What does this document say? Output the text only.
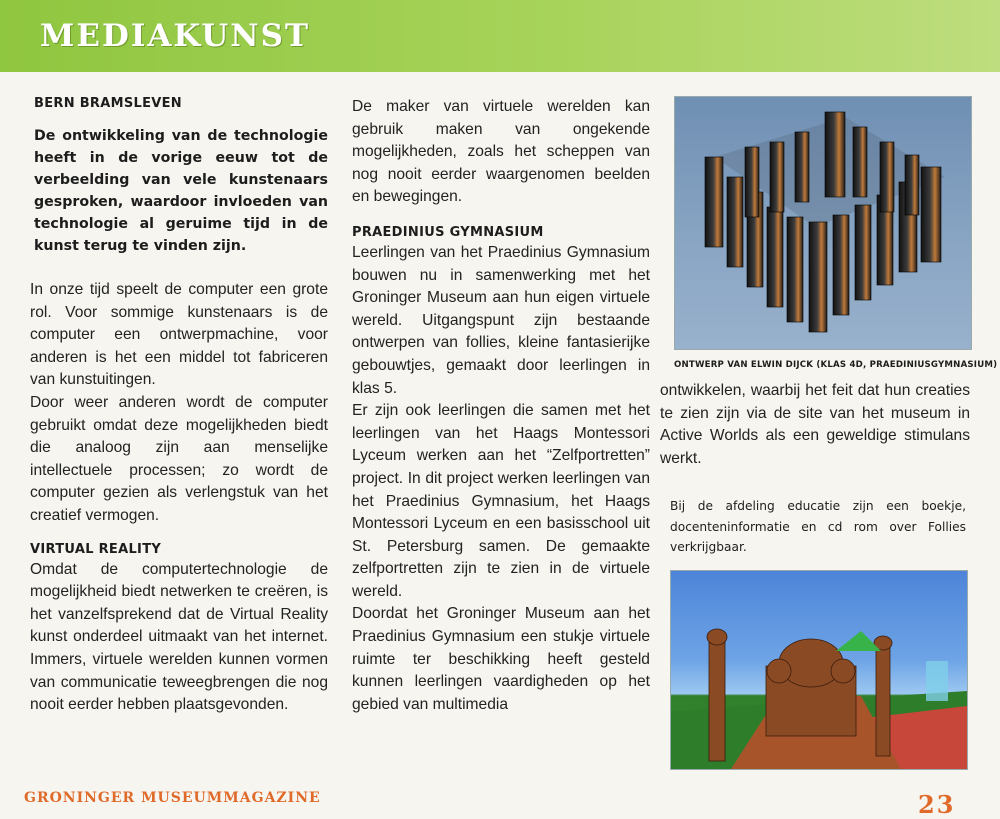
MEDIAKUNST
BERN BRAMSLEVEN

De ontwikkeling van de technologie heeft in de vorige eeuw tot de verbeelding van vele kunstenaars gesproken, waardoor invloeden van technologie al geruime tijd in de kunst terug te vinden zijn.

In onze tijd speelt de computer een grote rol. Voor sommige kunstenaars is de computer een ontwerpmachine, voor anderen is het een middel tot fabriceren van kunstuitingen.

Door weer anderen wordt de computer gebruikt omdat deze mogelijkheden biedt die analoog zijn aan menselijke intellectuele processen; zo wordt de computer gezien als verlengstuk van het creatief vermogen.

VIRTUAL REALITY

Omdat de computertechnologie de mogelijkheid biedt netwerken te creëren, is het vanzelfsprekend dat de Virtual Reality kunst onderdeel uitmaakt van het internet. Immers, virtuele werelden kunnen vormen van communicatie teweegbrengen die nog nooit eerder hebben plaatsgevonden.

De maker van virtuele werelden kan gebruik maken van ongekende mogelijkheden, zoals het scheppen van nog nooit eerder waargenomen beelden en bewegingen.

PRAEDINIUS GYMNASIUM

Leerlingen van het Praedinius Gymnasium bouwen nu in samenwerking met het Groninger Museum aan hun eigen virtuele wereld. Uitgangspunt zijn bestaande ontwerpen van follies, kleine fantasierijke gebouwtjes, gemaakt door leerlingen in klas 5.

Er zijn ook leerlingen die samen met het leerlingen van het Haags Montessori Lyceum werken aan het “Zelfportretten” project. In dit project werken leerlingen van het Praedinius Gymnasium, het Haags Montessori Lyceum en een basisschool uit St. Petersburg samen. De gemaakte zelfportretten zijn te zien in de virtuele wereld.

Doordat het Groninger Museum aan het Praedinius Gymnasium een stukje virtuele ruimte ter beschikking heeft gesteld kunnen leerlingen vaardigheden op het gebied van multimedia

ONTWERP VAN ELWIN DIJCK (KLAS 4D, PRAEDINIUSGYMNASIUM)

ontwikkelen, waarbij het feit dat hun creaties te zien zijn via de site van het museum in Active Worlds als een geweldige stimulans werkt.

Bij de afdeling educatie zijn een boekje, docenteninformatie en cd rom over Follies verkrijgbaar.

GRONINGER MUSEUMMAGAZINE	23
